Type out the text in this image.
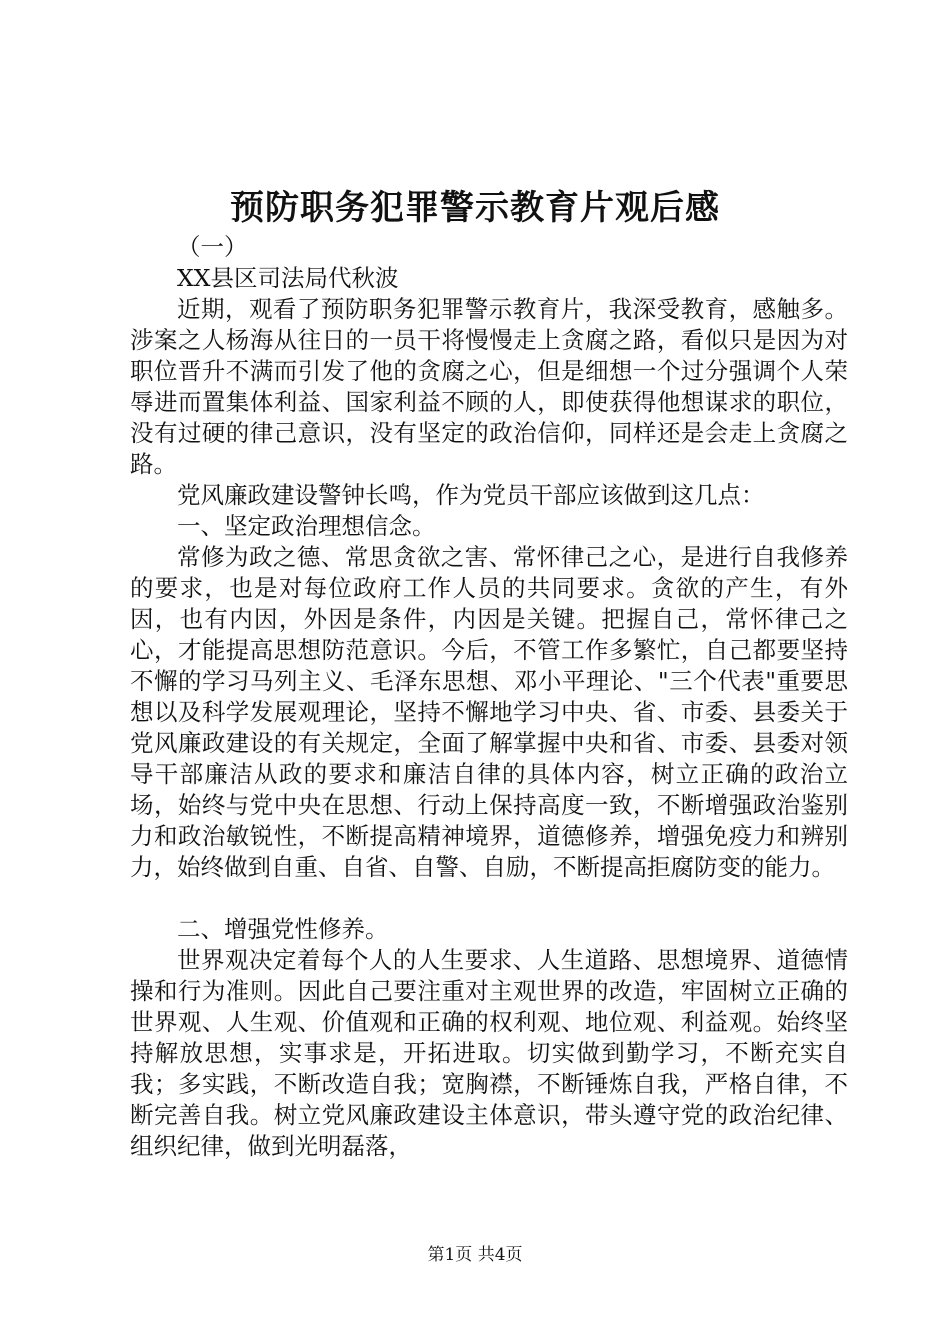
预防职务犯罪警示教育片观后感

（一）

XX县区司法局代秋波

近期，观看了预防职务犯罪警示教育片，我深受教育，感触多。涉案之人杨海从往日的一员干将慢慢走上贪腐之路，看似只是因为对职位晋升不满而引发了他的贪腐之心，但是细想一个过分强调个人荣辱进而置集体利益、国家利益不顾的人，即使获得他想谋求的职位，没有过硬的律己意识，没有坚定的政治信仰，同样还是会走上贪腐之路。

党风廉政建设警钟长鸣，作为党员干部应该做到这几点：

一、坚定政治理想信念。

常修为政之德、常思贪欲之害、常怀律己之心，是进行自我修养的要求，也是对每位政府工作人员的共同要求。贪欲的产生，有外因，也有内因，外因是条件，内因是关键。把握自己，常怀律己之心，才能提高思想防范意识。今后，不管工作多繁忙，自己都要坚持不懈的学习马列主义、毛泽东思想、邓小平理论、"三个代表"重要思想以及科学发展观理论，坚持不懈地学习中央、省、市委、县委关于党风廉政建设的有关规定，全面了解掌握中央和省、市委、县委对领导干部廉洁从政的要求和廉洁自律的具体内容，树立正确的政治立场，始终与党中央在思想、行动上保持高度一致，不断增强政治鉴别力和政治敏锐性，不断提高精神境界，道德修养，增强免疫力和辨别力，始终做到自重、自省、自警、自励，不断提高拒腐防变的能力。

二、增强党性修养。

世界观决定着每个人的人生要求、人生道路、思想境界、道德情操和行为准则。因此自己要注重对主观世界的改造，牢固树立正确的世界观、人生观、价值观和正确的权利观、地位观、利益观。始终坚持解放思想，实事求是，开拓进取。切实做到勤学习，不断充实自我；多实践，不断改造自我；宽胸襟，不断锤炼自我，严格自律，不断完善自我。树立党风廉政建设主体意识，带头遵守党的政治纪律、组织纪律，做到光明磊落，

第1页 共4页
